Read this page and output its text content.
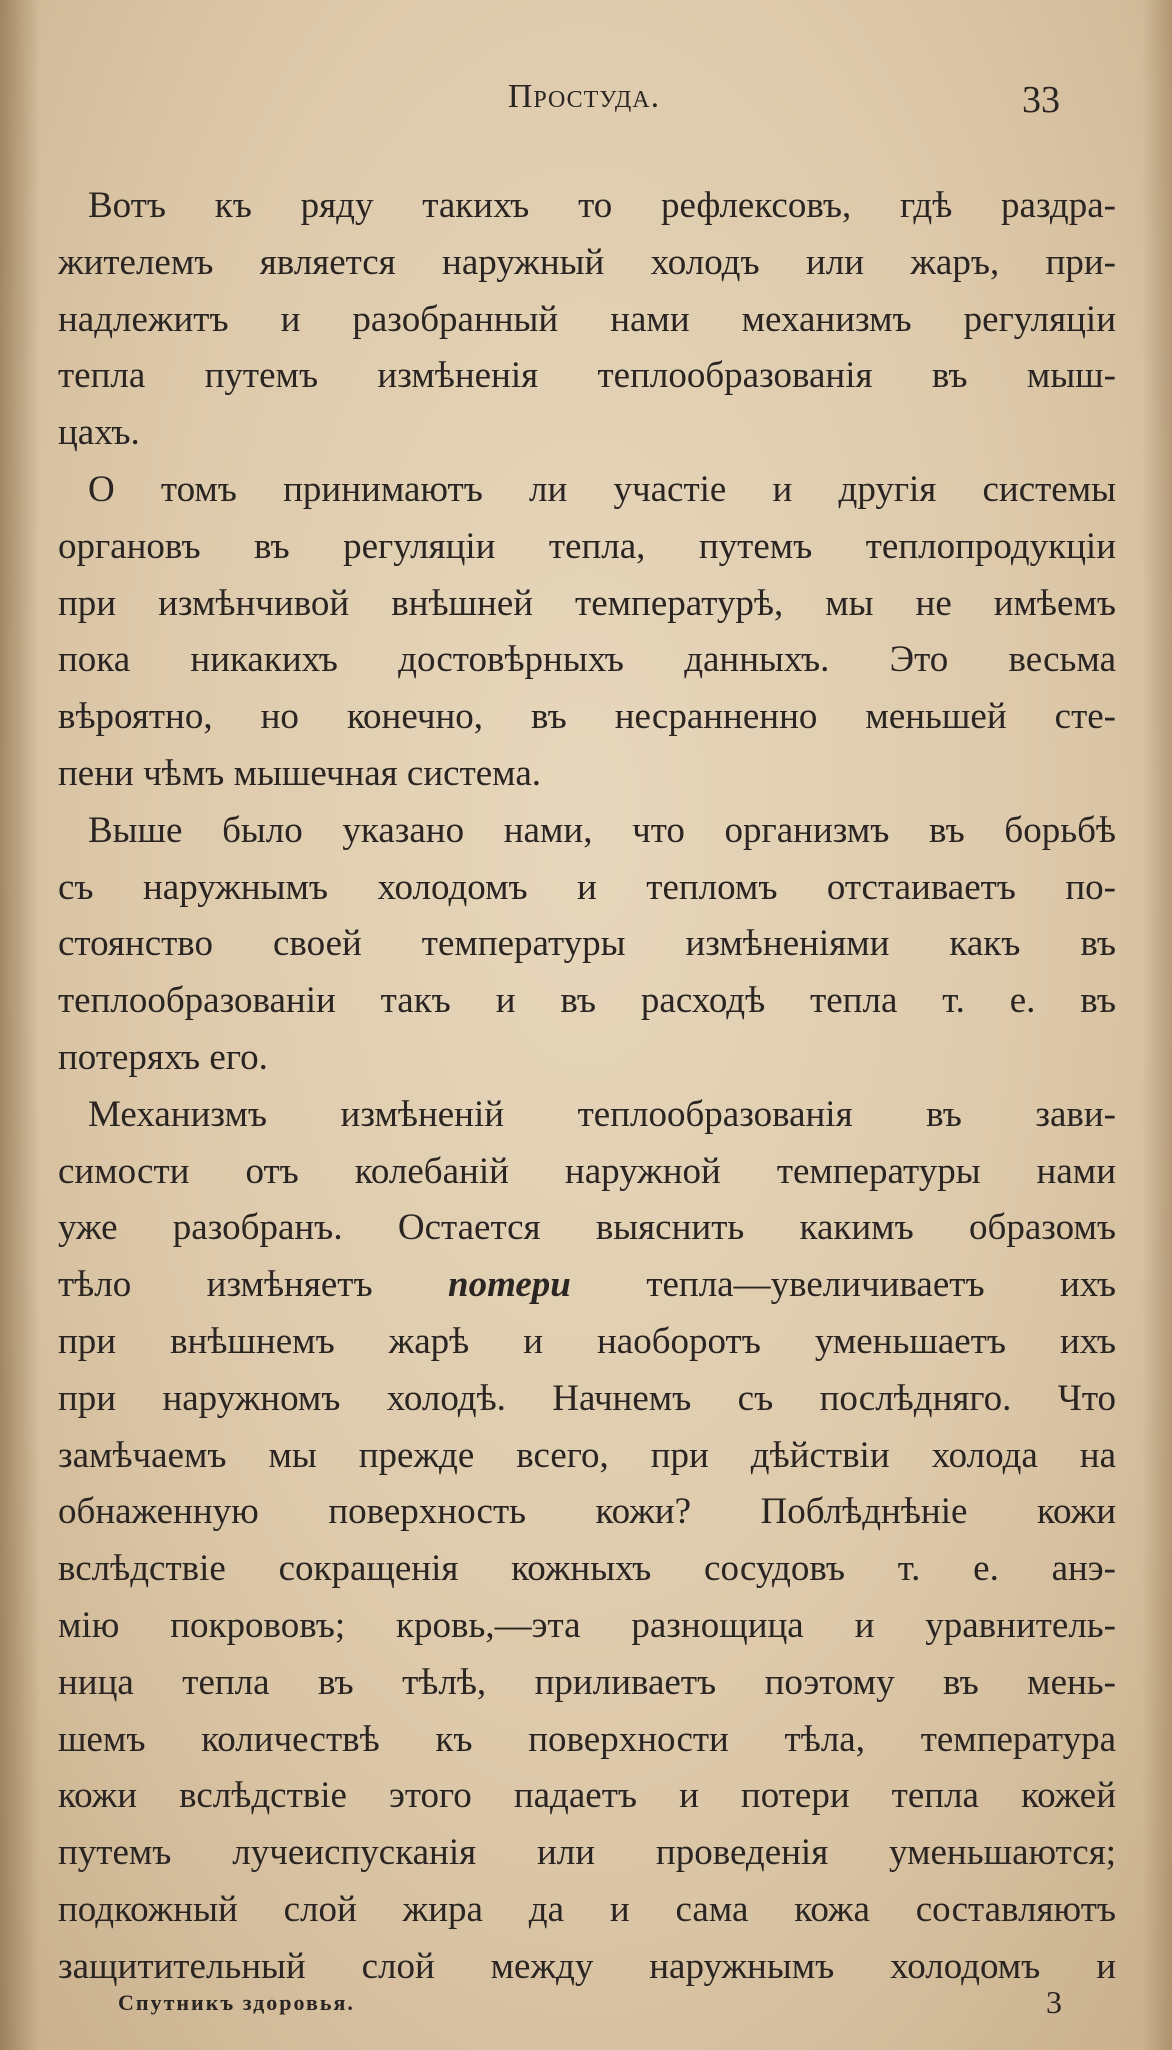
Простуда.	33
Вотъ къ ряду такихъ то рефлексовъ, гдѣ раздра-
жителемъ является наружный холодъ или жаръ, при-
надлежитъ и разобранный нами механизмъ регуляцiи
тепла путемъ измѣненiя теплообразованiя въ мыш-
цахъ.
О томъ принимаютъ ли участiе и другiя системы
органовъ въ регуляцiи тепла, путемъ теплопродукцiи
при измѣнчивой внѣшней температурѣ, мы не имѣемъ
пока никакихъ достовѣрныхъ данныхъ. Это весьма
вѣроятно, но конечно, въ несранненно меньшей сте-
пени чѣмъ мышечная система.
Выше было указано нами, что организмъ въ борьбѣ
съ наружнымъ холодомъ и тепломъ отстаиваетъ по-
стоянство своей температуры измѣненiями какъ въ
теплообразованiи такъ и въ расходѣ тепла т. е. въ
потеряхъ его.
Механизмъ измѣненiй теплообразованiя въ зави-
симости отъ колебанiй наружной температуры нами
уже разобранъ. Остается выяснить какимъ образомъ
тѣло измѣняетъ потери тепла—увеличиваетъ ихъ
при внѣшнемъ жарѣ и наоборотъ уменьшаетъ ихъ
при наружномъ холодѣ. Начнемъ съ послѣдняго. Что
замѣчаемъ мы прежде всего, при дѣйствiи холода на
обнаженную поверхность кожи? Поблѣднѣнiе кожи
вслѣдствiе сокращенiя кожныхъ сосудовъ т. е. анэ-
мiю покрововъ; кровь,—эта разнощица и уравнитель-
ница тепла въ тѣлѣ, приливаетъ поэтому въ мень-
шемъ количествѣ къ поверхности тѣла, температура
кожи вслѣдствiе этого падаетъ и потери тепла кожей
путемъ лучеиспусканiя или проведенiя уменьшаются;
подкожный слой жира да и сама кожа составляютъ
защитительный слой между наружнымъ холодомъ и
Спутникъ здоровья.	3
